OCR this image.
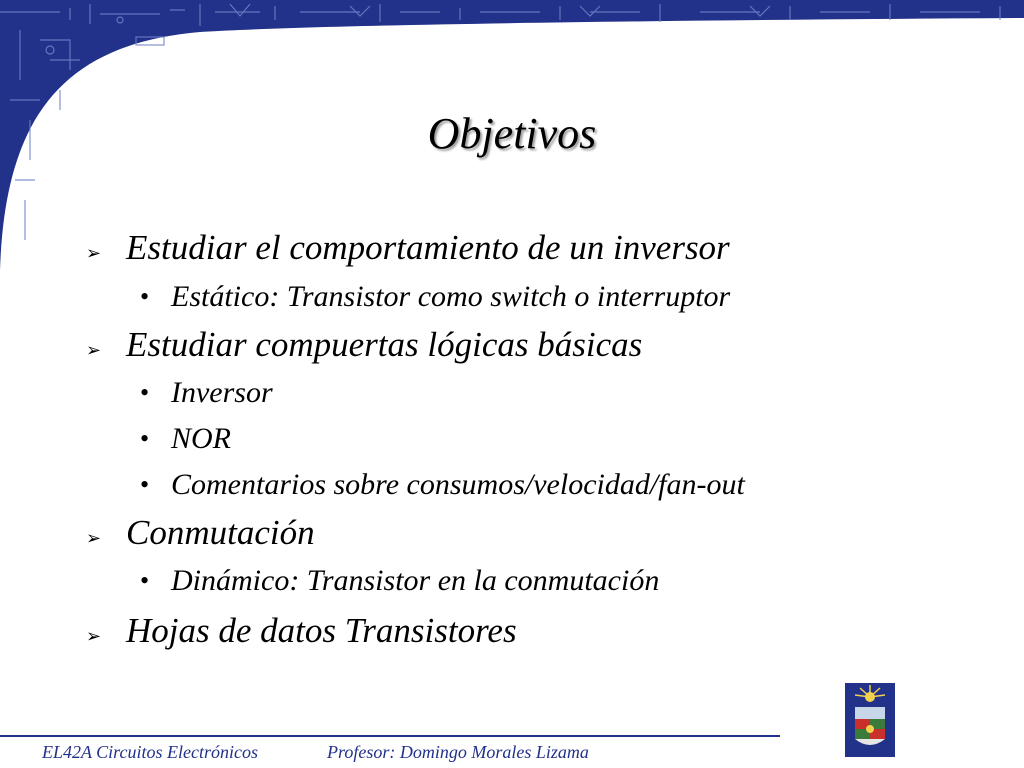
Objetivos
➢ Estudiar el comportamiento de un inversor
• Estático: Transistor como switch o interruptor
➢ Estudiar compuertas lógicas básicas
• Inversor
• NOR
• Comentarios sobre consumos/velocidad/fan-out
➢ Conmutación
• Dinámico: Transistor en la conmutación
➢ Hojas de datos Transistores
EL42A Circuitos Electrónicos	Profesor: Domingo Morales Lizama
